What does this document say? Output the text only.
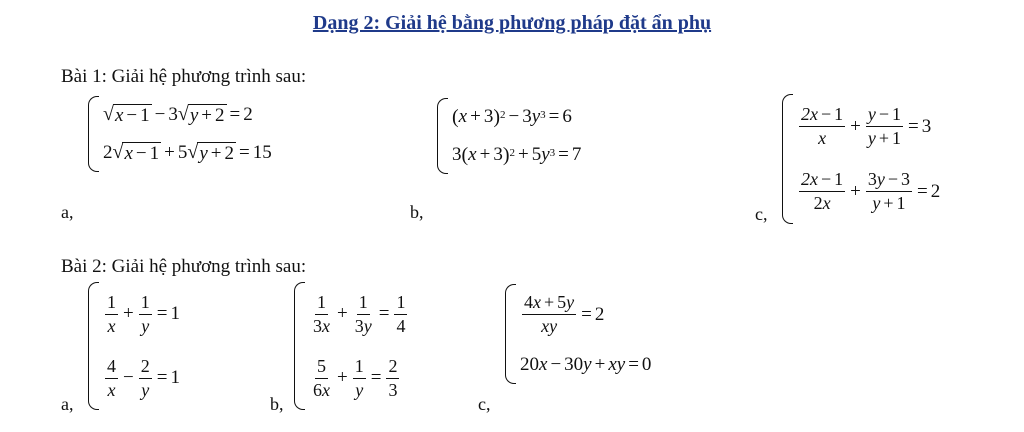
Dạng 2: Giải hệ bằng phương pháp đặt ẩn phụ
Bài 1: Giải hệ phương trình sau:
√ x − 1 − 3 √ y + 2 = 2
2 √ x − 1 + 5 √ y + 2 = 15
a,
( x + 3 )$^2$ − 3 $y^3 = 6$
3 ( x + 3 )$^2$ + 5 $y^3 = 7$
b,
$\frac{2x - 1}{x} + \frac{y - 1}{y + 1} = 3$
$\frac{2x - 1}{2x} + \frac{3y - 3}{y + 1} = 2$
c,
Bài 2: Giải hệ phương trình sau:
$\frac{1}{x} + \frac{1}{y} = 1$
$\frac{4}{x} - \frac{2}{y} = 1$
a,
$\frac{1}{3x} + \frac{1}{3y} = \frac{1}{4}$
$\frac{5}{6x} + \frac{1}{y} = \frac{2}{3}$
b,
$\frac{4x + 5y}{xy} = 2$
20 x − 30 y + xy = 0
c,
